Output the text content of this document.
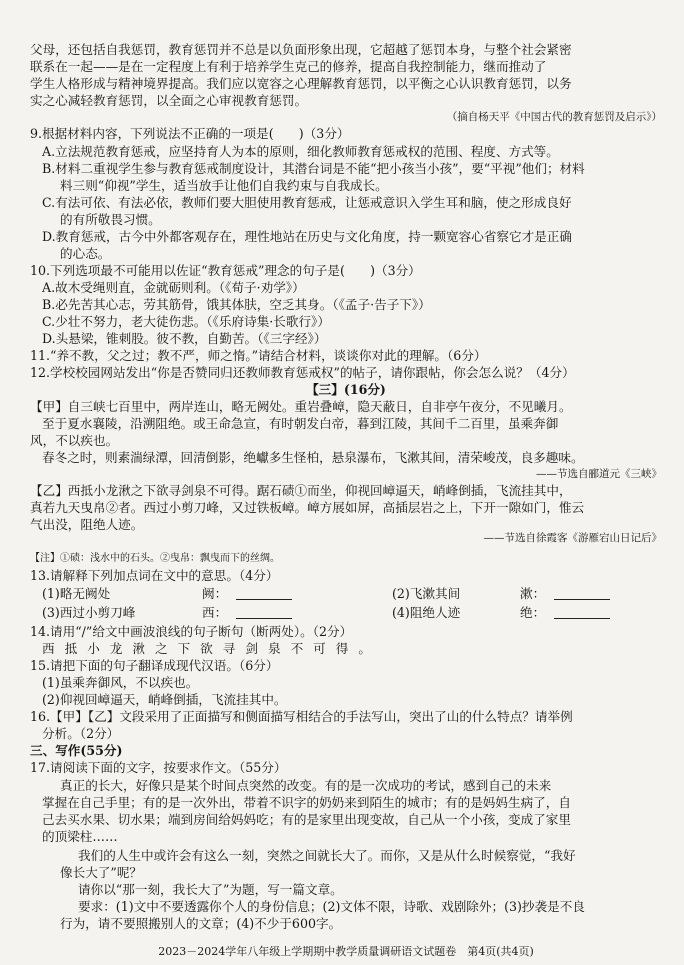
父母，还包括自我惩罚，教育惩罚并不总是以负面形象出现，它超越了惩罚本身，与整个社会紧密
联系在一起——是在一定程度上有利于培养学生克己的修养，提高自我控制能力，继而推动了
学生人格形成与精神境界提高。我们应以宽容之心理解教育惩罚，以平衡之心认识教育惩罚，以务
实之心减轻教育惩罚，以全面之心审视教育惩罚。
（摘自杨天平《中国古代的教育惩罚及启示》）
9.根据材料内容，下列说法不正确的一项是(　　)（3分）
A.立法规范教育惩戒，应坚持育人为本的原则，细化教师教育惩戒权的范围、程度、方式等。
B.材料二重视学生参与教育惩戒制度设计，其潜台词是不能“把小孩当小孩”，要“平视”他们；材料
料三则“仰视”学生，适当放手让他们自我约束与自我成长。
C.有法可依、有法必依，教师们要大胆使用教育惩戒，让惩戒意识入学生耳和脑，使之形成良好
的有所敬畏习惯。
D.教育惩戒，古今中外都客观存在，理性地站在历史与文化角度，持一颗宽容心省察它才是正确
的心态。
10.下列选项最不可能用以佐证“教育惩戒”理念的句子是(　　)（3分）
A.故木受绳则直，金就砺则利。（《荀子·劝学》）
B.必先苦其心志，劳其筋骨，饿其体肤，空乏其身。（《孟子·告子下》）
C.少壮不努力，老大徒伤悲。（《乐府诗集·长歌行》）
D.头悬梁，锥刺股。彼不教，自勤苦。（《三字经》）
11.“养不教，父之过；教不严，师之惰。”请结合材料，谈谈你对此的理解。（6分）
12.学校校园网站发出“你是否赞同归还教师教育惩戒权”的帖子，请你跟帖，你会怎么说？（4分）
【三】(16分)
【甲】自三峡七百里中，两岸连山，略无阙处。重岩叠嶂，隐天蔽日，自非亭午夜分，不见曦月。
至于夏水襄陵，沿溯阻绝。或王命急宣，有时朝发白帝，暮到江陵，其间千二百里，虽乘奔御
风，不以疾也。
春冬之时，则素湍绿潭，回清倒影，绝巘多生怪柏，悬泉瀑布，飞漱其间，清荣峻茂，良多趣味。
——节选自郦道元《三峡》
【乙】西抵小龙湫之下欲寻剑泉不可得。踞石碛①而坐，仰视回嶂逼天，峭峰倒插，飞流挂其中，
真若九天曳帛②者。西过小剪刀峰，又过铁板嶂。嶂方展如屏，高插层岩之上，下开一隙如门，惟云
气出没，阻绝人迹。
——节选自徐霞客《游雁宕山日记后》
【注】①碛：浅水中的石头。②曳帛：飘曳而下的丝绸。
13.请解释下列加点词在文中的意思。（4分）
(1)略无阙处	阙：	(2)飞漱其间	漱：
(3)西过小剪刀峰	西：	(4)阻绝人迹	绝：
14.请用“/”给文中画波浪线的句子断句（断两处）。（2分）
西 抵 小 龙 湫 之 下 欲 寻 剑 泉 不 可 得 。
15.请把下面的句子翻译成现代汉语。（6分）
(1)虽乘奔御风，不以疾也。
(2)仰视回嶂逼天，峭峰倒插，飞流挂其中。
16.【甲】【乙】文段采用了正面描写和侧面描写相结合的手法写山，突出了山的什么特点？请举例
分析。（2分）
三、写作(55分)
17.请阅读下面的文字，按要求作文。（55分）
真正的长大，好像只是某个时间点突然的改变。有的是一次成功的考试，感到自己的未来
掌握在自己手里；有的是一次外出，带着不识字的奶奶来到陌生的城市；有的是妈妈生病了，自
己去买水果、切水果；端到房间给妈妈吃；有的是家里出现变故，自己从一个小孩，变成了家里
的顶梁柱……
我们的人生中或许会有这么一刻，突然之间就长大了。而你，又是从什么时候察觉，“我好
像长大了”呢？
请你以“那一刻，我长大了”为题，写一篇文章。
要求：(1)文中不要透露你个人的身份信息；(2)文体不限，诗歌、戏剧除外；(3)抄袭是不良
行为，请不要照搬别人的文章；(4)不少于600字。
2023－2024学年八年级上学期期中教学质量调研语文试题卷　第4页(共4页)
